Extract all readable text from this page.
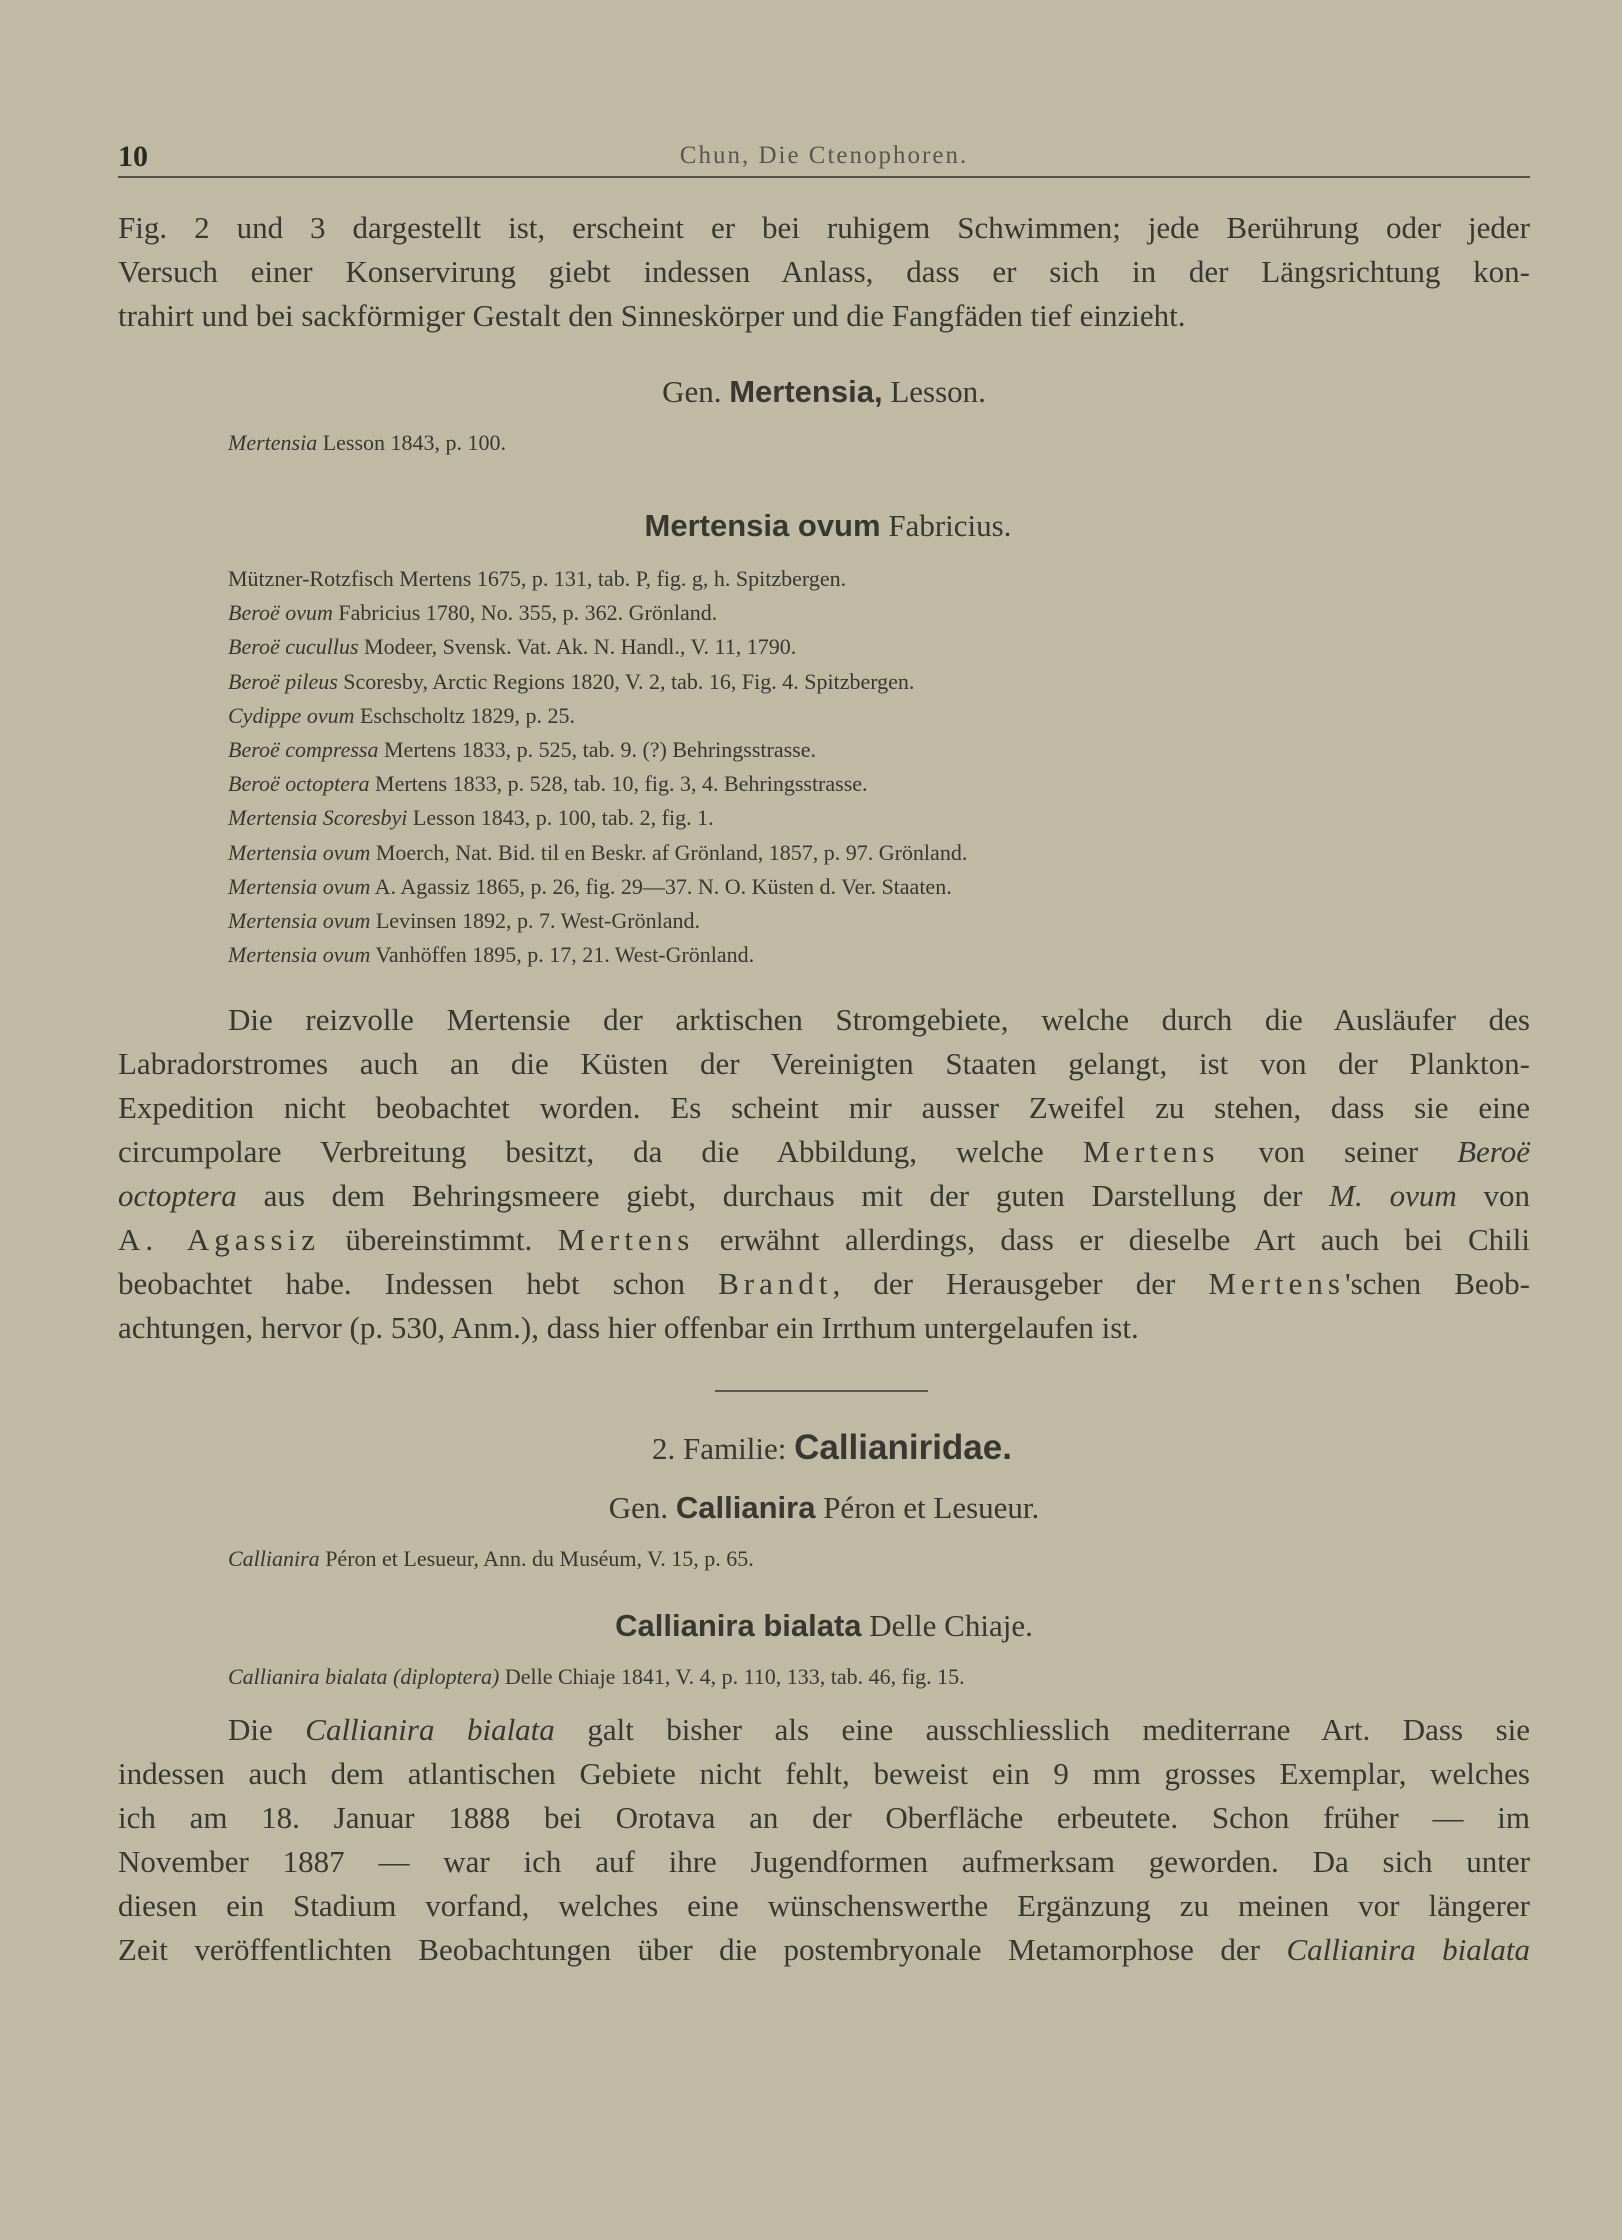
10	Chun, Die Ctenophoren.

Fig. 2 und 3 dargestellt ist, erscheint er bei ruhigem Schwimmen; jede Berührung oder jeder

Versuch einer Konservirung giebt indessen Anlass, dass er sich in der Längsrichtung kon-

trahirt und bei sackförmiger Gestalt den Sinneskörper und die Fangfäden tief einzieht.

Gen. Mertensia, Lesson.
Mertensia Lesson 1843, p. 100.
Mertensia ovum Fabricius.
Mützner-Rotzfisch Mertens 1675, p. 131, tab. P, fig. g, h. Spitzbergen.
Beroë ovum Fabricius 1780, No. 355, p. 362. Grönland.
Beroë cucullus Modeer, Svensk. Vat. Ak. N. Handl., V. 11, 1790.
Beroë pileus Scoresby, Arctic Regions 1820, V. 2, tab. 16, Fig. 4. Spitzbergen.
Cydippe ovum Eschscholtz 1829, p. 25.
Beroë compressa Mertens 1833, p. 525, tab. 9. (?) Behringsstrasse.
Beroë octoptera Mertens 1833, p. 528, tab. 10, fig. 3, 4. Behringsstrasse.
Mertensia Scoresbyi Lesson 1843, p. 100, tab. 2, fig. 1.
Mertensia ovum Moerch, Nat. Bid. til en Beskr. af Grönland, 1857, p. 97. Grönland.
Mertensia ovum A. Agassiz 1865, p. 26, fig. 29—37. N. O. Küsten d. Ver. Staaten.
Mertensia ovum Levinsen 1892, p. 7. West-Grönland.
Mertensia ovum Vanhöffen 1895, p. 17, 21. West-Grönland.

Die reizvolle Mertensie der arktischen Stromgebiete, welche durch die Ausläufer des

Labradorstromes auch an die Küsten der Vereinigten Staaten gelangt, ist von der Plankton-

Expedition nicht beobachtet worden. Es scheint mir ausser Zweifel zu stehen, dass sie eine

circumpolare Verbreitung besitzt, da die Abbildung, welche Mertens von seiner Beroë

octoptera aus dem Behringsmeere giebt, durchaus mit der guten Darstellung der M. ovum von

A. Agassiz übereinstimmt. Mertens erwähnt allerdings, dass er dieselbe Art auch bei Chili

beobachtet habe. Indessen hebt schon Brandt, der Herausgeber der Mertens'schen Beob-

achtungen, hervor (p. 530, Anm.), dass hier offenbar ein Irrthum untergelaufen ist.

2. Familie: Callianiridae.
Gen. Callianira Péron et Lesueur.
Callianira Péron et Lesueur, Ann. du Muséum, V. 15, p. 65.
Callianira bialata Delle Chiaje.
Callianira bialata (diploptera) Delle Chiaje 1841, V. 4, p. 110, 133, tab. 46, fig. 15.

Die Callianira bialata galt bisher als eine ausschliesslich mediterrane Art. Dass sie

indessen auch dem atlantischen Gebiete nicht fehlt, beweist ein 9 mm grosses Exemplar, welches

ich am 18. Januar 1888 bei Orotava an der Oberfläche erbeutete. Schon früher — im

November 1887 — war ich auf ihre Jugendformen aufmerksam geworden. Da sich unter

diesen ein Stadium vorfand, welches eine wünschenswerthe Ergänzung zu meinen vor längerer

Zeit veröffentlichten Beobachtungen über die postembryonale Metamorphose der Callianira bialata
